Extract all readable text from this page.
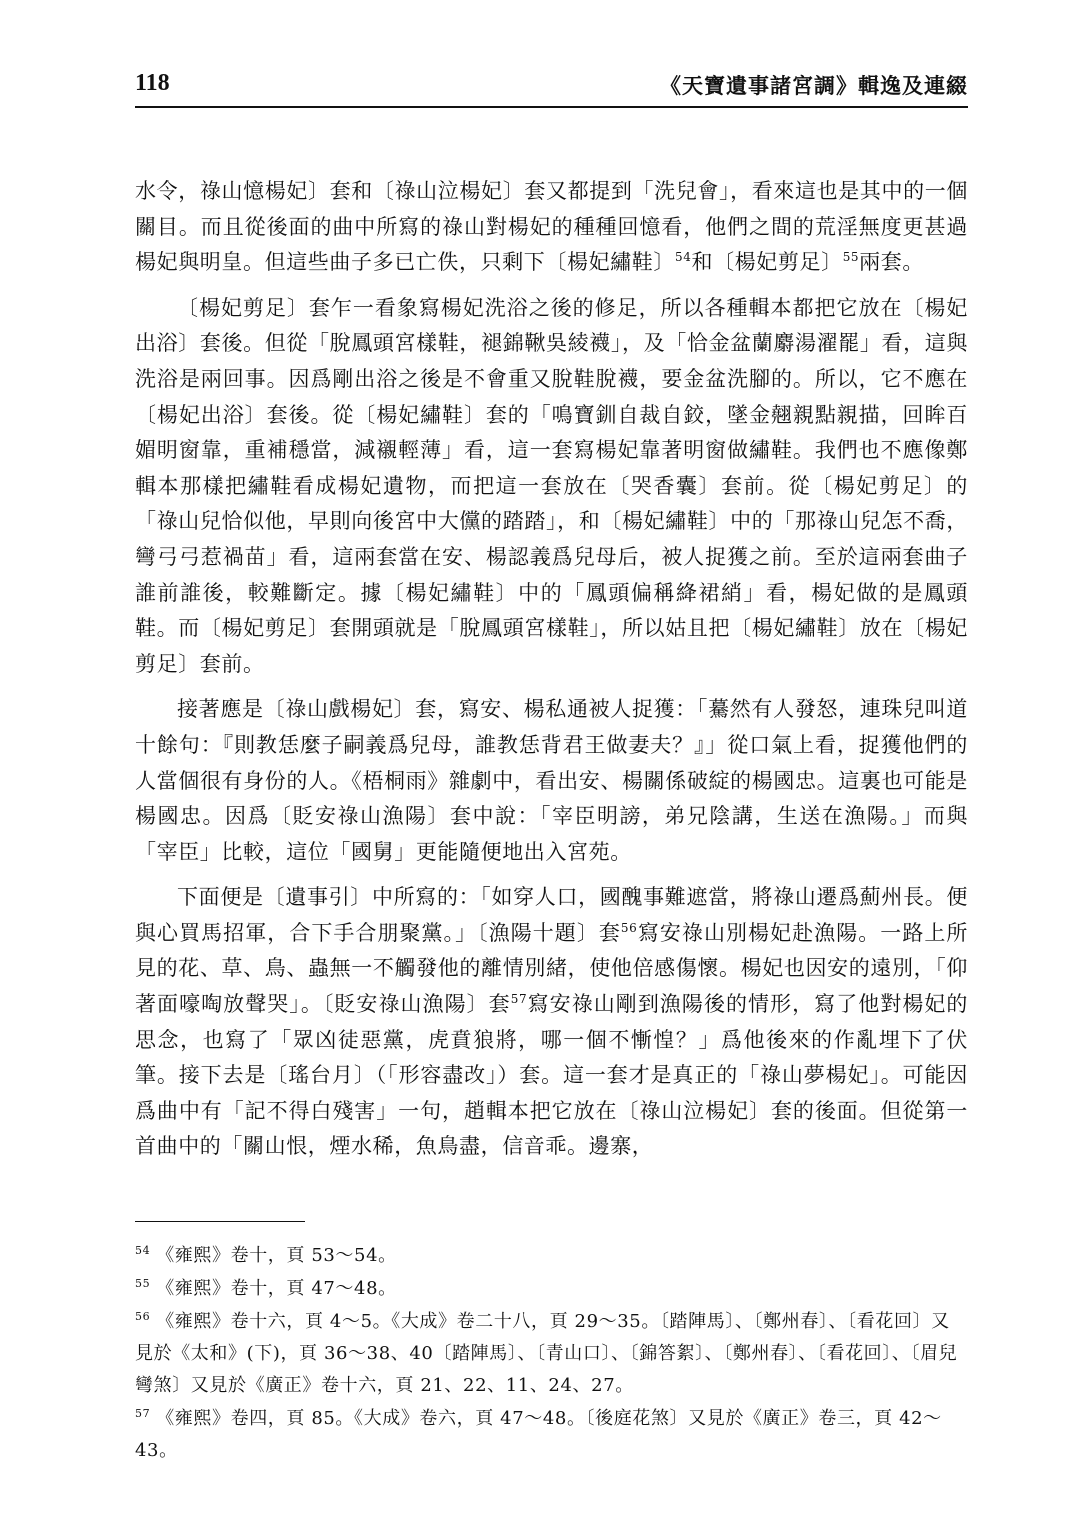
118	《天寶遺事諸宮調》輯逸及連綴

水令，祿山憶楊妃〕套和〔祿山泣楊妃〕套又都提到「洗兒會」，看來這也是其中的一個關目。而且從後面的曲中所寫的祿山對楊妃的種種回憶看，他們之間的荒淫無度更甚過楊妃與明皇。但這些曲子多已亡佚，只剩下〔楊妃繡鞋〕$^{54}$和〔楊妃剪足〕$^{55}$兩套。

〔楊妃剪足〕套乍一看象寫楊妃洗浴之後的修足，所以各種輯本都把它放在〔楊妃出浴〕套後。但從「脫鳳頭宮樣鞋，褪錦鞦吳綾襪」，及「恰金盆蘭麝湯濯罷」看，這與洗浴是兩回事。因爲剛出浴之後是不會重又脫鞋脫襪，要金盆洗腳的。所以，它不應在〔楊妃出浴〕套後。從〔楊妃繡鞋〕套的「鳴寶釧自裁自鉸，墜金翹親點親描，回眸百媚明窗靠，重補穩當，減襯輕薄」看，這一套寫楊妃靠著明窗做繡鞋。我們也不應像鄭輯本那樣把繡鞋看成楊妃遺物，而把這一套放在〔哭香囊〕套前。從〔楊妃剪足〕的「祿山兒恰似他，早則向後宮中大儻的踏踏」，和〔楊妃繡鞋〕中的「那祿山兒怎不喬，彎弓弓惹禍苗」看，這兩套當在安、楊認義爲兒母后，被人捉獲之前。至於這兩套曲子誰前誰後，較難斷定。據〔楊妃繡鞋〕中的「鳳頭偏稱絳裙綃」看，楊妃做的是鳳頭鞋。而〔楊妃剪足〕套開頭就是「脫鳳頭宮樣鞋」，所以姑且把〔楊妃繡鞋〕放在〔楊妃剪足〕套前。

接著應是〔祿山戲楊妃〕套，寫安、楊私通被人捉獲：「驀然有人發怒，連珠兒叫道十餘句：『則教恁麼子嗣義爲兒母，誰教恁背君王做妻夫？』」從口氣上看，捉獲他們的人當個很有身份的人。《梧桐雨》雜劇中，看出安、楊關係破綻的楊國忠。這裏也可能是楊國忠。因爲〔貶安祿山漁陽〕套中說：「宰臣明謗，弟兄陰講，生送在漁陽。」而與「宰臣」比較，這位「國舅」更能隨便地出入宮苑。

下面便是〔遺事引〕中所寫的：「如穿人口，國醜事難遮當，將祿山遷爲薊州長。便與心買馬招軍，合下手合朋聚黨。」〔漁陽十題〕套$^{56}$寫安祿山別楊妃赴漁陽。一路上所見的花、草、鳥、蟲無一不觸發他的離情別緒，使他倍感傷懷。楊妃也因安的遠別，「仰著面嚎啕放聲哭」。〔貶安祿山漁陽〕套$^{57}$寫安祿山剛到漁陽後的情形，寫了他對楊妃的思念，也寫了「眾凶徒惡黨，虎賁狼將，哪一個不慚惶？」爲他後來的作亂埋下了伏筆。接下去是〔瑤台月〕（「形容盡改」）套。這一套才是真正的「祿山夢楊妃」。可能因爲曲中有「記不得白殘害」一句，趙輯本把它放在〔祿山泣楊妃〕套的後面。但從第一首曲中的「關山恨，煙水稀，魚鳥盡，信音乖。邊寨，

$^{54}$ 《雍熙》卷十，頁 53～54。
$^{55}$ 《雍熙》卷十，頁 47～48。
$^{56}$ 《雍熙》卷十六，頁 4～5。《大成》卷二十八，頁 29～35。〔踏陣馬〕、〔鄭州春〕、〔看花回〕又見於《太和》(下)，頁 36～38、40〔踏陣馬〕、〔青山口〕、〔錦答絮〕、〔鄭州春〕、〔看花回〕、〔眉兒彎煞〕又見於《廣正》卷十六，頁 21、22、11、24、27。
$^{57}$ 《雍熙》卷四，頁 85。《大成》卷六，頁 47～48。〔後庭花煞〕又見於《廣正》卷三，頁 42～43。
